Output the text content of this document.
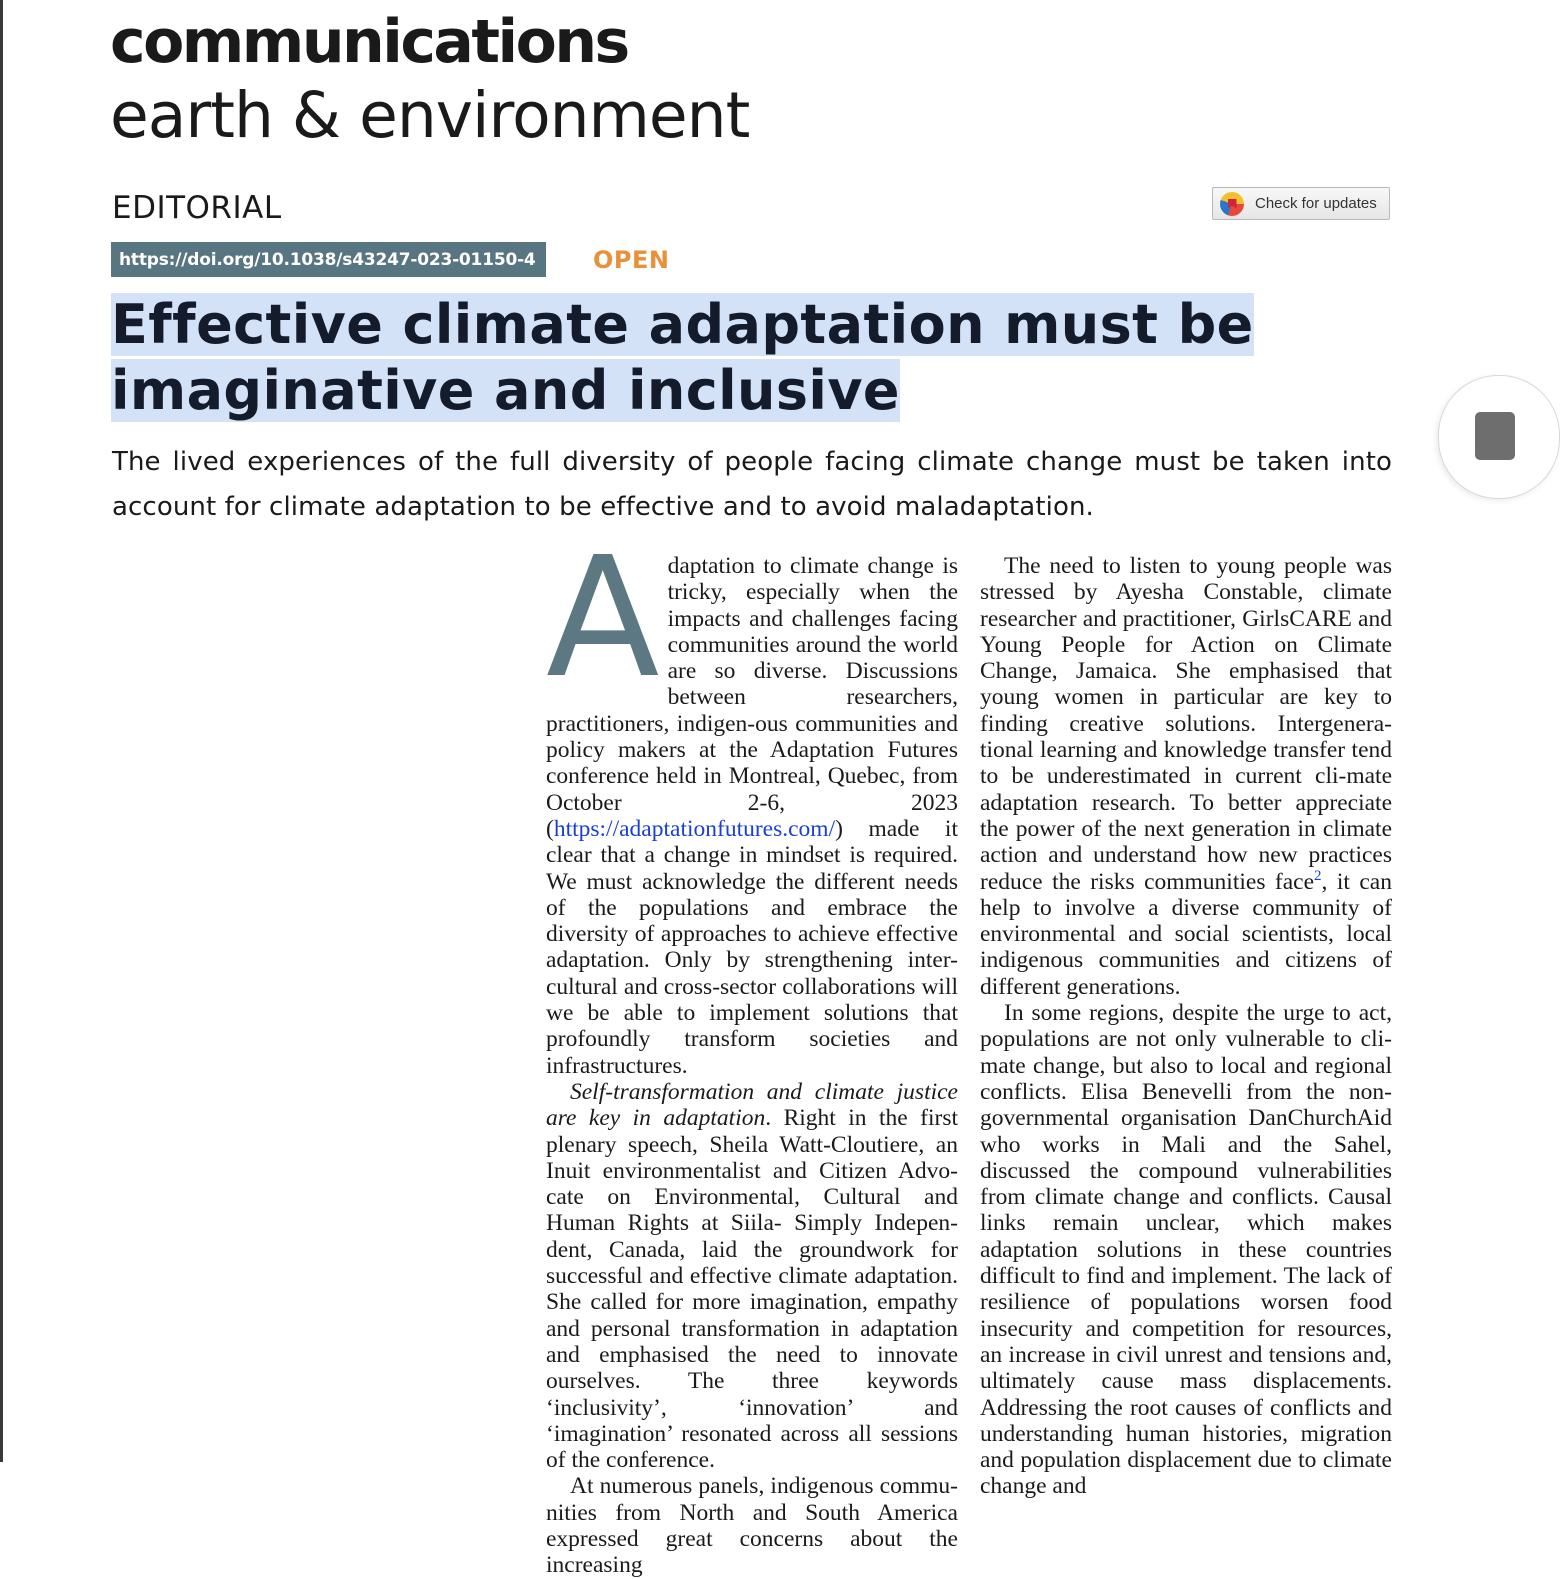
communications
earth & environment
EDITORIAL	Check for updates
https://doi.org/10.1038/s43247-023-01150-4	OPEN
Effective climate adaptation must be imaginative and inclusive

The lived experiences of the full diversity of people facing climate change must be taken into account for climate adaptation to be effective and to avoid maladaptation.

Adaptation to climate change is tricky, especially when the impacts and challenges facing communities around the world are so diverse. Discussions between researchers, practitioners, indigen-ous communities and policy makers at the Adaptation Futures conference held in Montreal, Quebec, from October 2-6, 2023 (https://adaptationfutures.com/) made it clear that a change in mindset is required. We must acknowledge the different needs of the populations and embrace the diversity of approaches to achieve effective adaptation. Only by strengthening inter-cultural and cross-sector collaborations will we be able to implement solutions that profoundly transform societies and infrastructures.

Self-transformation and climate justice are key in adaptation. Right in the first plenary speech, Sheila Watt-Cloutiere, an Inuit environmentalist and Citizen Advo-cate on Environmental, Cultural and Human Rights at Siila- Simply Indepen-dent, Canada, laid the groundwork for successful and effective climate adaptation. She called for more imagination, empathy and personal transformation in adaptation and emphasised the need to innovate ourselves. The three keywords ‘inclusivity’, ‘innovation’ and ‘imagination’ resonated across all sessions of the conference.

At numerous panels, indigenous commu-nities from North and South America expressed great concerns about the increasing

The need to listen to young people was stressed by Ayesha Constable, climate researcher and practitioner, GirlsCARE and Young People for Action on Climate Change, Jamaica. She emphasised that young women in particular are key to finding creative solutions. Intergenera-tional learning and knowledge transfer tend to be underestimated in current cli-mate adaptation research. To better appreciate the power of the next generation in climate action and understand how new practices reduce the risks communities face$^2$, it can help to involve a diverse community of environmental and social scientists, local indigenous communities and citizens of different generations.

In some regions, despite the urge to act, populations are not only vulnerable to cli-mate change, but also to local and regional conflicts. Elisa Benevelli from the non-governmental organisation DanChurchAid who works in Mali and the Sahel, discussed the compound vulnerabilities from climate change and conflicts. Causal links remain unclear, which makes adaptation solutions in these countries difficult to find and implement. The lack of resilience of populations worsen food insecurity and competition for resources, an increase in civil unrest and tensions and, ultimately cause mass displacements. Addressing the root causes of conflicts and understanding human histories, migration and population displacement due to climate change and
